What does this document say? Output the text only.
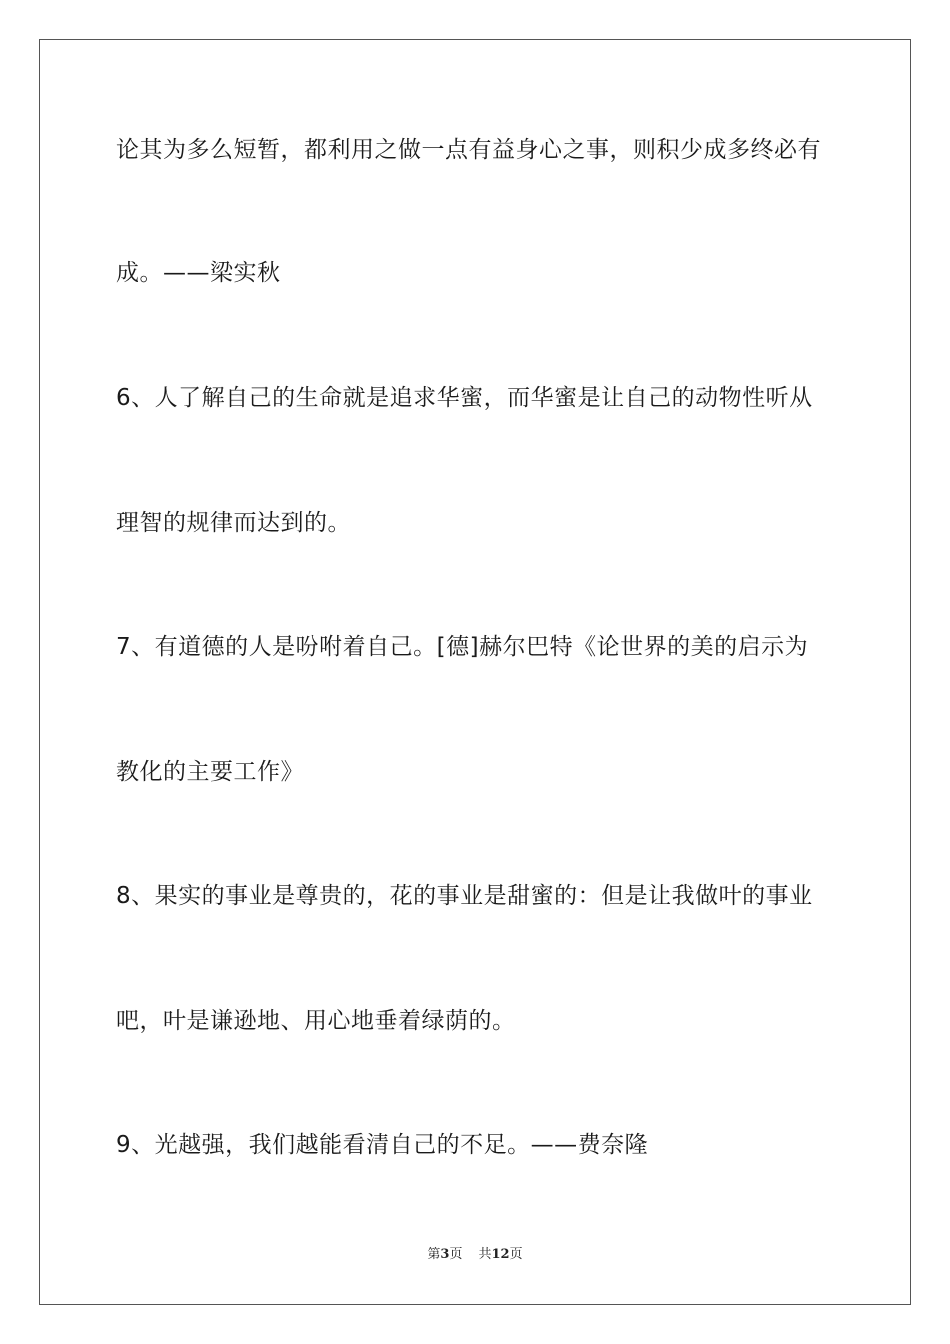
论其为多么短暂，都利用之做一点有益身心之事，则积少成多终必有
成。——梁实秋
6、人了解自己的生命就是追求华蜜，而华蜜是让自己的动物性听从
理智的规律而达到的。
7、有道德的人是吩咐着自己。[德]赫尔巴特《论世界的美的启示为
教化的主要工作》
8、果实的事业是尊贵的，花的事业是甜蜜的：但是让我做叶的事业
吧，叶是谦逊地、用心地垂着绿荫的。
9、光越强，我们越能看清自己的不足。——费奈隆
第3页 共12页
